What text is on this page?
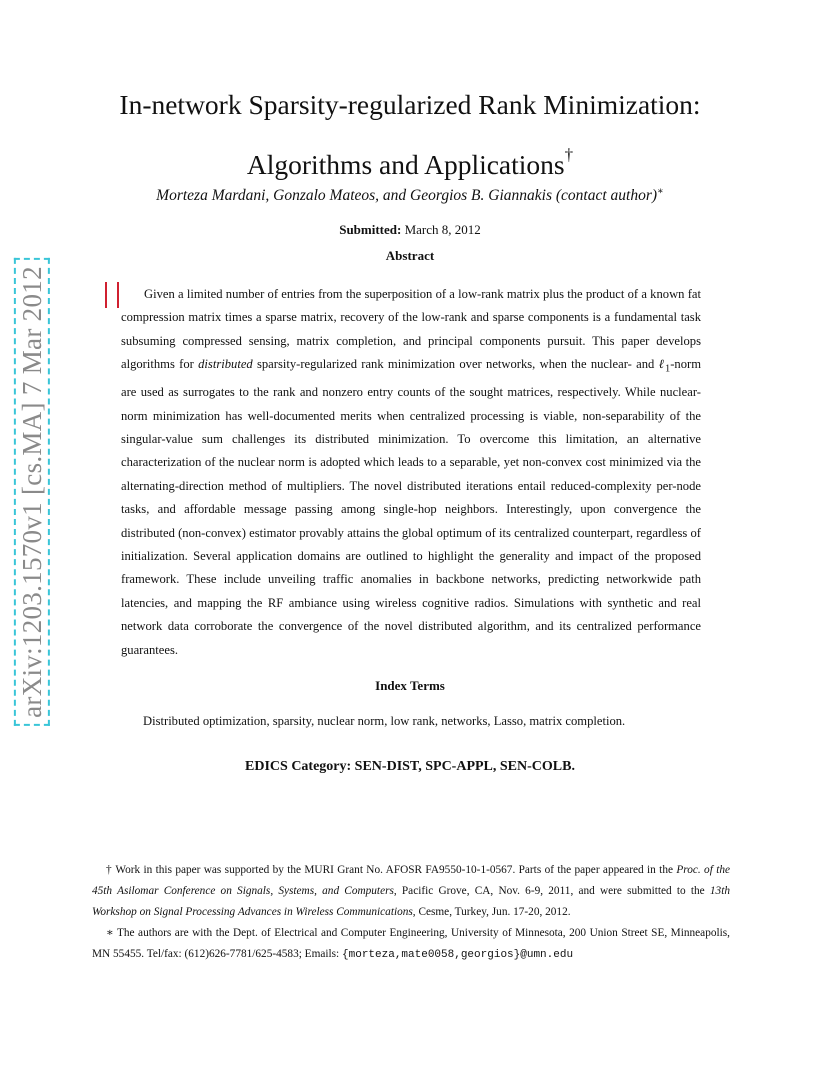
arXiv:1203.1570v1 [cs.MA] 7 Mar 2012
In-network Sparsity-regularized Rank Minimization:
Algorithms and Applications†
Morteza Mardani, Gonzalo Mateos, and Georgios B. Giannakis (contact author)∗
Submitted: March 8, 2012
Abstract

Given a limited number of entries from the superposition of a low-rank matrix plus the product of a known fat compression matrix times a sparse matrix, recovery of the low-rank and sparse components is a fundamental task subsuming compressed sensing, matrix completion, and principal components pursuit. This paper develops algorithms for distributed sparsity-regularized rank minimization over networks, when the nuclear- and ℓ$_1$-norm are used as surrogates to the rank and nonzero entry counts of the sought matrices, respectively. While nuclear-norm minimization has well-documented merits when centralized processing is viable, non-separability of the singular-value sum challenges its distributed minimization. To overcome this limitation, an alternative characterization of the nuclear norm is adopted which leads to a separable, yet non-convex cost minimized via the alternating-direction method of multipliers. The novel distributed iterations entail reduced-complexity per-node tasks, and affordable message passing among single-hop neighbors. Interestingly, upon convergence the distributed (non-convex) estimator provably attains the global optimum of its centralized counterpart, regardless of initialization. Several application domains are outlined to highlight the generality and impact of the proposed framework. These include unveiling traffic anomalies in backbone networks, predicting networkwide path latencies, and mapping the RF ambiance using wireless cognitive radios. Simulations with synthetic and real network data corroborate the convergence of the novel distributed algorithm, and its centralized performance guarantees.

Index Terms
Distributed optimization, sparsity, nuclear norm, low rank, networks, Lasso, matrix completion.
EDICS Category: SEN-DIST, SPC-APPL, SEN-COLB.

† Work in this paper was supported by the MURI Grant No. AFOSR FA9550-10-1-0567. Parts of the paper appeared in the Proc. of the 45th Asilomar Conference on Signals, Systems, and Computers, Pacific Grove, CA, Nov. 6-9, 2011, and were submitted to the 13th Workshop on Signal Processing Advances in Wireless Communications, Cesme, Turkey, Jun. 17-20, 2012.

∗ The authors are with the Dept. of Electrical and Computer Engineering, University of Minnesota, 200 Union Street SE, Minneapolis, MN 55455. Tel/fax: (612)626-7781/625-4583; Emails: {morteza,mate0058,georgios}@umn.edu
